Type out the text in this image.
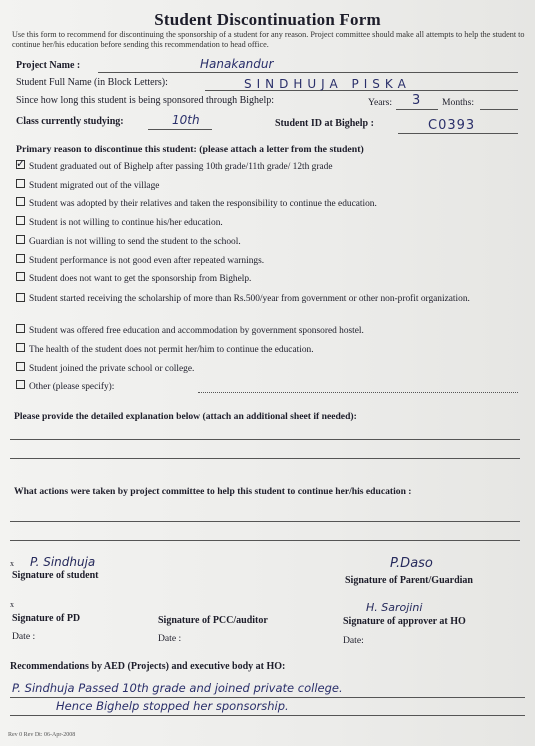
Student Discontinuation Form
Use this form to recommend for discontinuing the sponsorship of a student for any reason. Project committee should make all attempts to help the student to continue her/his education before sending this recommendation to head office.
Project Name :	Hanakandur
Student Full Name (in Block Letters):	SINDHUJA PISKA
Since how long this student is being sponsored through Bighelp:	Years: 3 Months:
Class currently studying:	10th	Student ID at Bighelp :	C0393
Primary reason to discontinue this student: (please attach a letter from the student)
✓ Student graduated out of Bighelp after passing 10th grade/11th grade/ 12th grade
Student migrated out of the village
Student was adopted by their relatives and taken the responsibility to continue the education.
Student is not willing to continue his/her education.
Guardian is not willing to send the student to the school.
Student performance is not good even after repeated warnings.
Student does not want to get the sponsorship from Bighelp.
Student started receiving the scholarship of more than Rs.500/year from government or other non-profit organization.
Student was offered free education and accommodation by government sponsored hostel.
The health of the student does not permit her/him to continue the education.
Student joined the private school or college.
Other (please specify):
Please provide the detailed explanation below (attach an additional sheet if needed):
What actions were taken by project committee to help this student to continue her/his education :
x P. Sindhuja
Signature of student
P.Daso
Signature of Parent/Guardian
x
Signature of PD	Signature of PCC/auditor
H. Sarojini
Signature of approver at HO
Date :	Date :	Date:
Recommendations by AED (Projects) and executive body at HO:
P. Sindhuja Passed 10th grade and joined private college.
Hence Bighelp stopped her sponsorship.
Rev 0 Rev Dt: 06-Apr-2008
